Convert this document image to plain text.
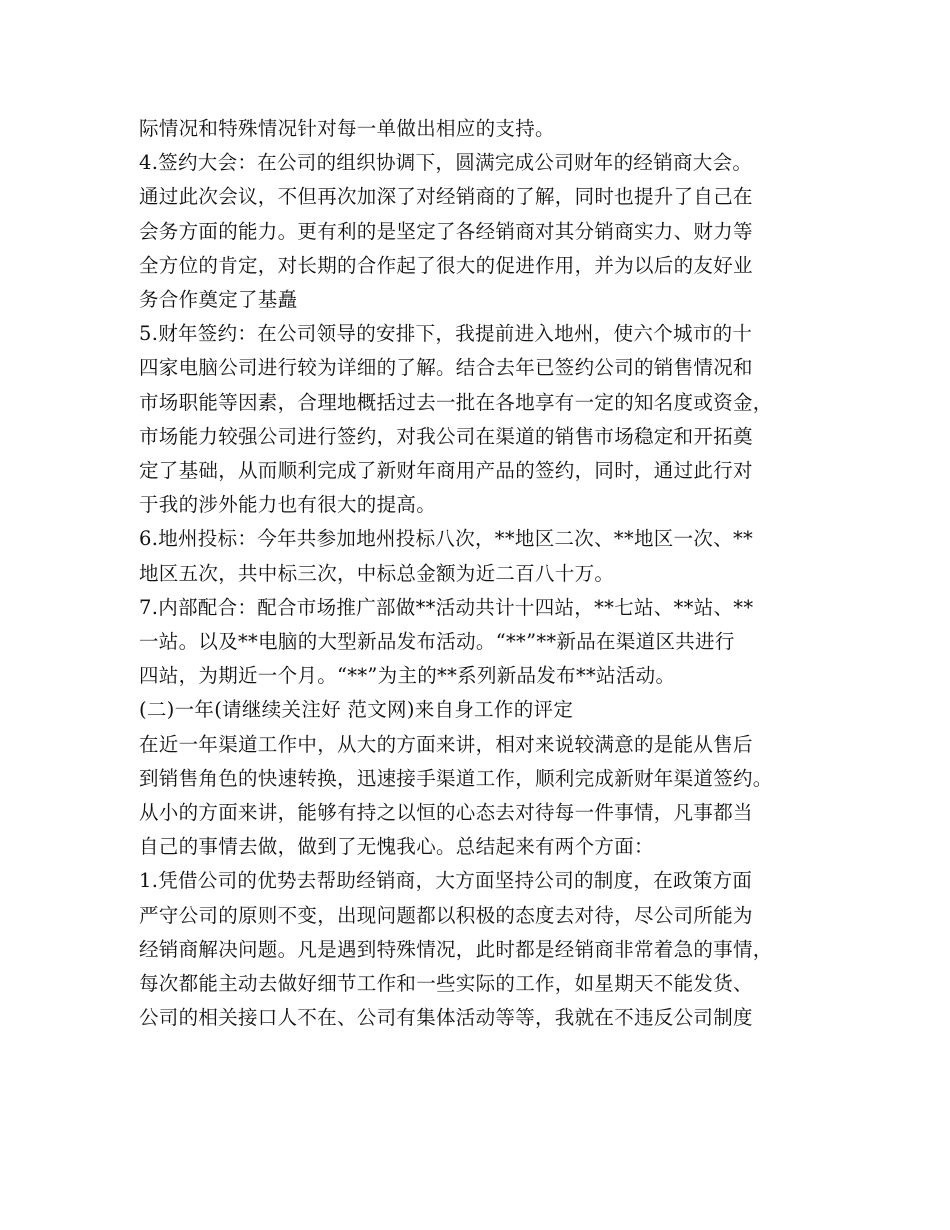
际情况和特殊情况针对每一单做出相应的支持。

4.签约大会：在公司的组织协调下，圆满完成公司财年的经销商大会。

通过此次会议，不但再次加深了对经销商的了解，同时也提升了自己在

会务方面的能力。更有利的是坚定了各经销商对其分销商实力、财力等

全方位的肯定，对长期的合作起了很大的促进作用，并为以后的友好业

务合作奠定了基矗

5.财年签约：在公司领导的安排下，我提前进入地州，使六个城市的十

四家电脑公司进行较为详细的了解。结合去年已签约公司的销售情况和

市场职能等因素，合理地概括过去一批在各地享有一定的知名度或资金，

市场能力较强公司进行签约，对我公司在渠道的销售市场稳定和开拓奠

定了基础，从而顺利完成了新财年商用产品的签约，同时，通过此行对

于我的涉外能力也有很大的提高。

6.地州投标：今年共参加地州投标八次，**地区二次、**地区一次、**

地区五次，共中标三次，中标总金额为近二百八十万。

7.内部配合：配合市场推广部做**活动共计十四站，**七站、**站、**

一站。以及**电脑的大型新品发布活动。“**”**新品在渠道区共进行

四站，为期近一个月。“**”为主的**系列新品发布**站活动。

(二)一年(请继续关注好 范文网)来自身工作的评定

在近一年渠道工作中，从大的方面来讲，相对来说较满意的是能从售后

到销售角色的快速转换，迅速接手渠道工作，顺利完成新财年渠道签约。

从小的方面来讲，能够有持之以恒的心态去对待每一件事情，凡事都当

自己的事情去做，做到了无愧我心。总结起来有两个方面：

1.凭借公司的优势去帮助经销商，大方面坚持公司的制度，在政策方面

严守公司的原则不变，出现问题都以积极的态度去对待，尽公司所能为

经销商解决问题。凡是遇到特殊情况，此时都是经销商非常着急的事情，

每次都能主动去做好细节工作和一些实际的工作，如星期天不能发货、

公司的相关接口人不在、公司有集体活动等等，我就在不违反公司制度
